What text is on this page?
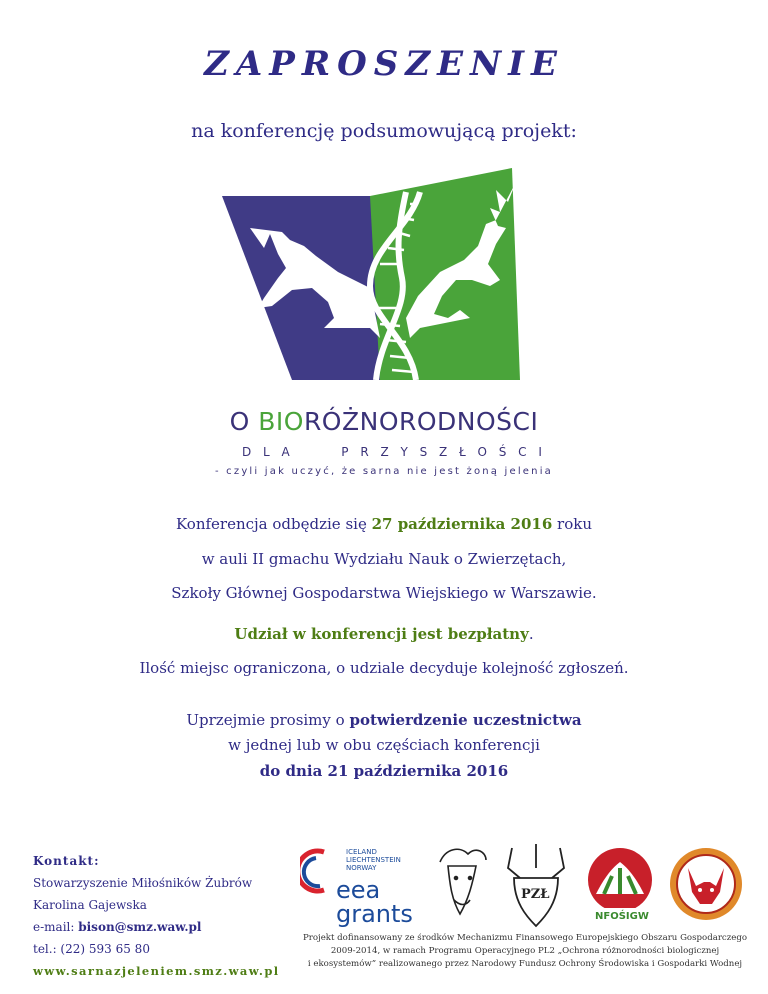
ZAPROSZENIE
na konferencję podsumowującą projekt:
O BIORÓŻNORODNOŚCI
D L A	P R Z Y S Z Ł O Ś C I
- czyli jak uczyć, że sarna nie jest żoną jelenia
Konferencja odbędzie się 27 października 2016 roku
w auli II gmachu Wydziału Nauk o Zwierzętach,
Szkoły Głównej Gospodarstwa Wiejskiego w Warszawie.
Udział w konferencji jest bezpłatny.
Ilość miejsc ograniczona, o udziale decyduje kolejność zgłoszeń.
Uprzejmie prosimy o potwierdzenie uczestnictwa
w jednej lub w obu częściach konferencji
do dnia 21 października 2016
Kontakt:
Stowarzyszenie Miłośników Żubrów
Karolina Gajewska
e-mail: bison@smz.waw.pl
tel.: (22) 593 65 80
www.sarnazjeleniem.smz.waw.pl
ICELAND
LIECHTENSTEIN
NORWAY
eea
grants
PZŁ
NFOŚIGW
Projekt dofinansowany ze środków Mechanizmu Finansowego Europejskiego Obszaru Gospodarczego
2009-2014, w ramach Programu Operacyjnego PL2 „Ochrona różnorodności biologicznej
i ekosystemów” realizowanego przez Narodowy Fundusz Ochrony Środowiska i Gospodarki Wodnej
